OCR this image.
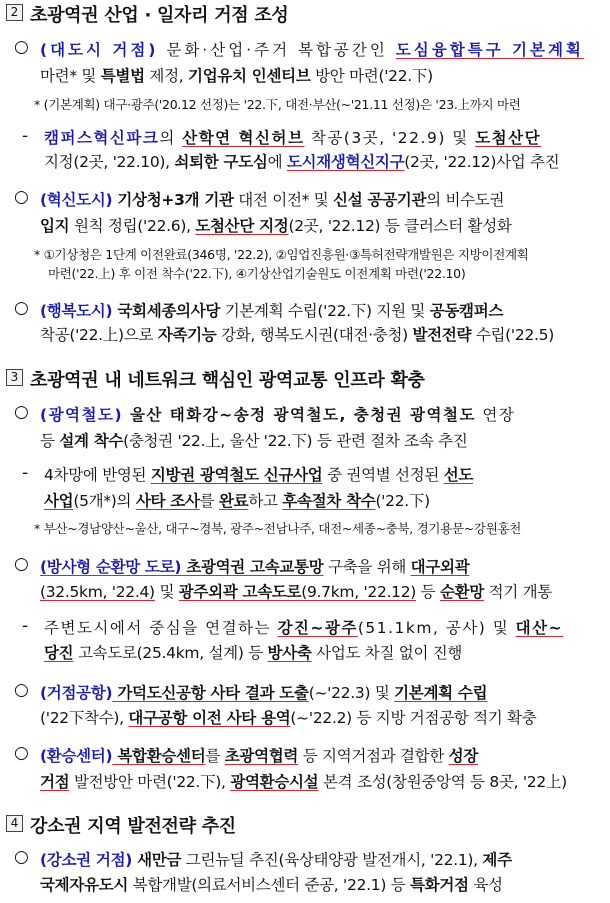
2 초광역권 산업 · 일자리 거점 조성
○ (대도시 거점) 문화·산업·주거 복합공간인 도심융합특구 기본계획
마련* 및 특별법 제정, 기업유치 인센티브 방안 마련('22.下)
* (기본계획) 대구·광주('20.12 선정)는 '22.下, 대전·부산(~'21.11 선정)은 '23.上까지 마련
- 캠퍼스혁신파크의 산학연 혁신허브 착공(3곳, '22.9) 및 도첨산단
지정(2곳, '22.10), 쇠퇴한 구도심에 도시재생혁신지구(2곳, '22.12)사업 추진
○ (혁신도시) 기상청+3개 기관 대전 이전* 및 신설 공공기관의 비수도권
입지 원칙 정립('22.6), 도첨산단 지정(2곳, '22.12) 등 클러스터 활성화
* ①기상청은 1단계 이전완료(346명, '22.2), ②임업진흥원·③특허전략개발원은 지방이전계획
마련('22.上) 후 이전 착수('22.下), ④기상산업기술원도 이전계획 마련('22.10)
○ (행복도시) 국회세종의사당 기본계획 수립('22.下) 지원 및 공동캠퍼스
착공('22.上)으로 자족기능 강화, 행복도시권(대전·충청) 발전전략 수립('22.5)
3 초광역권 내 네트워크 핵심인 광역교통 인프라 확충
○ (광역철도) 울산 태화강~송정 광역철도, 충청권 광역철도 연장
등 설계 착수(충청권 '22.上, 울산 '22.下) 등 관련 절차 조속 추진
- 4차망에 반영된 지방권 광역철도 신규사업 중 권역별 선정된 선도
사업(5개*)의 사타 조사를 완료하고 후속절차 착수('22.下)
* 부산~경남양산~울산, 대구~경북, 광주~전남나주, 대전~세종~충북, 경기용문~강원홍천
○ (방사형 순환망 도로) 초광역권 고속교통망 구축을 위해 대구외곽
(32.5km, '22.4) 및 광주외곽 고속도로(9.7km, '22.12) 등 순환망 적기 개통
- 주변도시에서 중심을 연결하는 강진~광주(51.1km, 공사) 및 대산~
당진 고속도로(25.4km, 설계) 등 방사축 사업도 차질 없이 진행
○ (거점공항) 가덕도신공항 사타 결과 도출(~'22.3) 및 기본계획 수립
('22下착수), 대구공항 이전 사타 용역(~'22.2) 등 지방 거점공항 적기 확충
○ (환승센터) 복합환승센터를 초광역협력 등 지역거점과 결합한 성장
거점 발전방안 마련('22.下), 광역환승시설 본격 조성(창원중앙역 등 8곳, '22上)
4 강소권 지역 발전전략 추진
○ (강소권 거점) 새만금 그린뉴딜 추진(육상태양광 발전개시, '22.1), 제주
국제자유도시 복합개발(의료서비스센터 준공, '22.1) 등 특화거점 육성
